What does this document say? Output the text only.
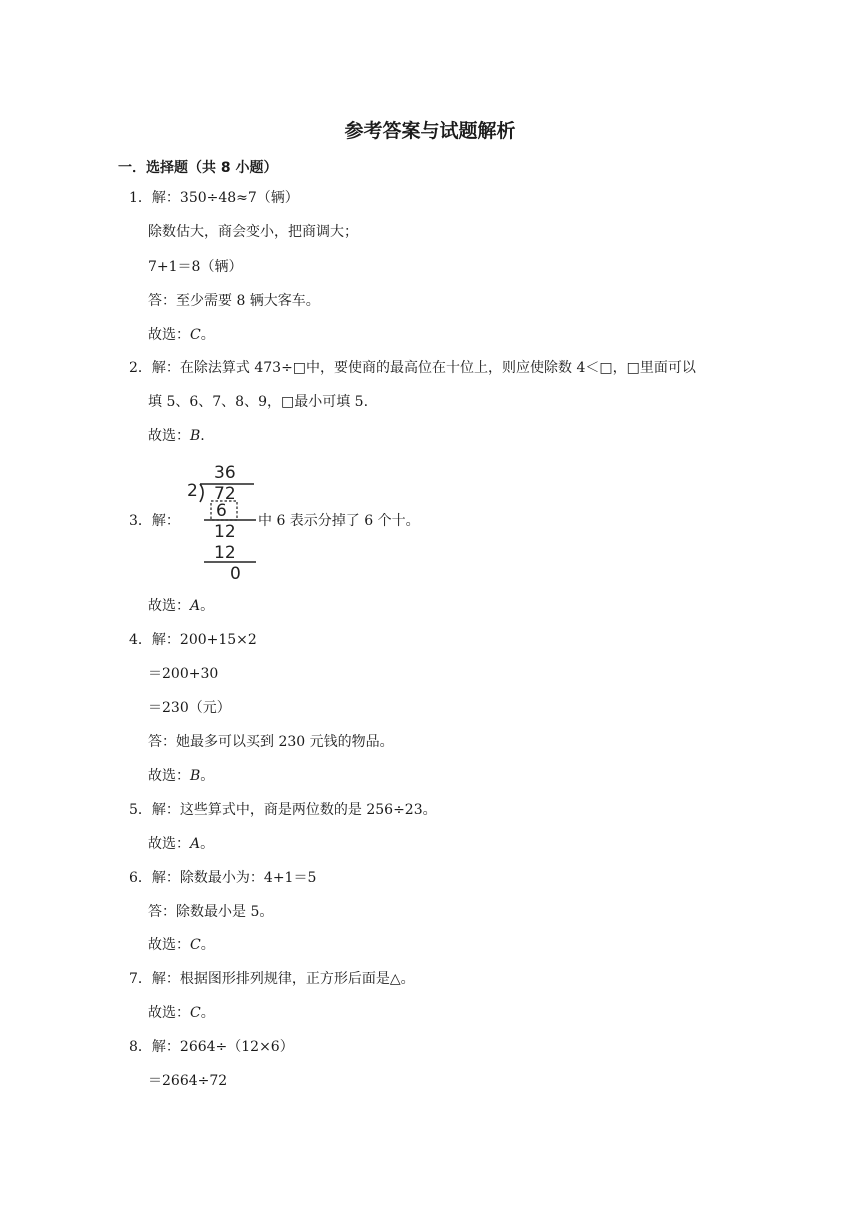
参考答案与试题解析
一．选择题（共 8 小题）
1．解：350÷48≈7（辆）
除数估大，商会变小，把商调大；
7+1＝8（辆）
答：至少需要 8 辆大客车。
故选：C。
2．解：在除法算式 473÷□中，要使商的最高位在十位上，则应使除数 4＜□，□里面可以
填 5、6、7、8、9，□最小可填 5.
故选：B.
3．解：
36
2 72
6
12
12
0
中 6 表示分掉了 6 个十。
故选：A。
4．解：200+15×2
＝200+30
＝230（元）
答：她最多可以买到 230 元钱的物品。
故选：B。
5．解：这些算式中，商是两位数的是 256÷23。
故选：A。
6．解：除数最小为：4+1＝5
答：除数最小是 5。
故选：C。
7．解：根据图形排列规律，正方形后面是△。
故选：C。
8．解：2664÷（12×6）
＝2664÷72
